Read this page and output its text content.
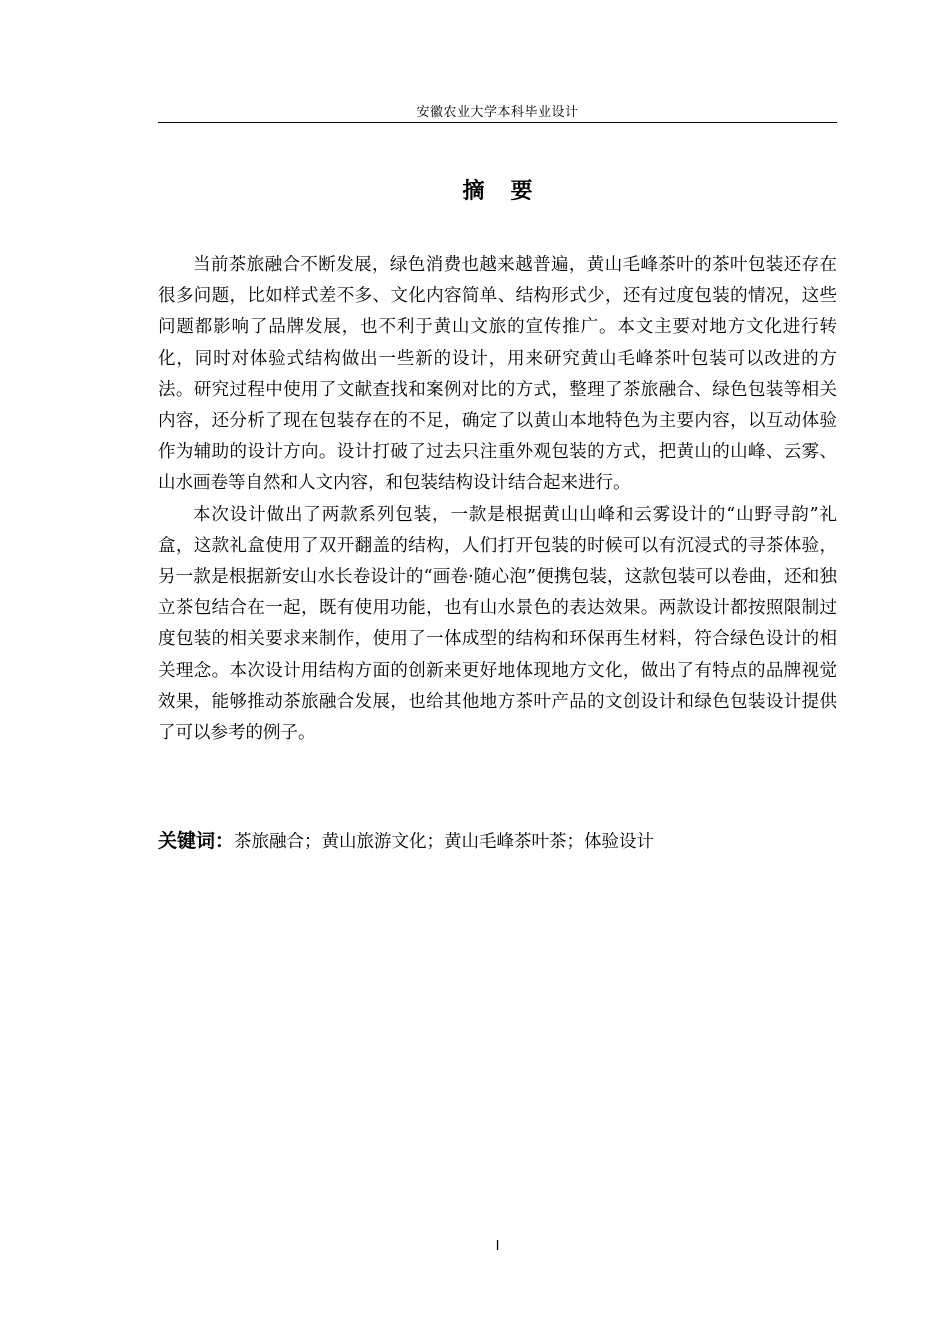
安徽农业大学本科毕业设计
摘 要

当前茶旅融合不断发展，绿色消费也越来越普遍，黄山毛峰茶叶的茶叶包装还存在很多问题，比如样式差不多、文化内容简单、结构形式少，还有过度包装的情况，这些问题都影响了品牌发展，也不利于黄山文旅的宣传推广。本文主要对地方文化进行转化，同时对体验式结构做出一些新的设计，用来研究黄山毛峰茶叶包装可以改进的方法。研究过程中使用了文献查找和案例对比的方式，整理了茶旅融合、绿色包装等相关内容，还分析了现在包装存在的不足，确定了以黄山本地特色为主要内容，以互动体验作为辅助的设计方向。设计打破了过去只注重外观包装的方式，把黄山的山峰、云雾、山水画卷等自然和人文内容，和包装结构设计结合起来进行。

本次设计做出了两款系列包装，一款是根据黄山山峰和云雾设计的“山野寻韵”礼盒，这款礼盒使用了双开翻盖的结构，人们打开包装的时候可以有沉浸式的寻茶体验，另一款是根据新安山水长卷设计的“画卷·随心泡”便携包装，这款包装可以卷曲，还和独立茶包结合在一起，既有使用功能，也有山水景色的表达效果。两款设计都按照限制过度包装的相关要求来制作，使用了一体成型的结构和环保再生材料，符合绿色设计的相关理念。本次设计用结构方面的创新来更好地体现地方文化，做出了有特点的品牌视觉效果，能够推动茶旅融合发展，也给其他地方茶叶产品的文创设计和绿色包装设计提供了可以参考的例子。

关键词：茶旅融合；黄山旅游文化；黄山毛峰茶叶茶；体验设计
I
